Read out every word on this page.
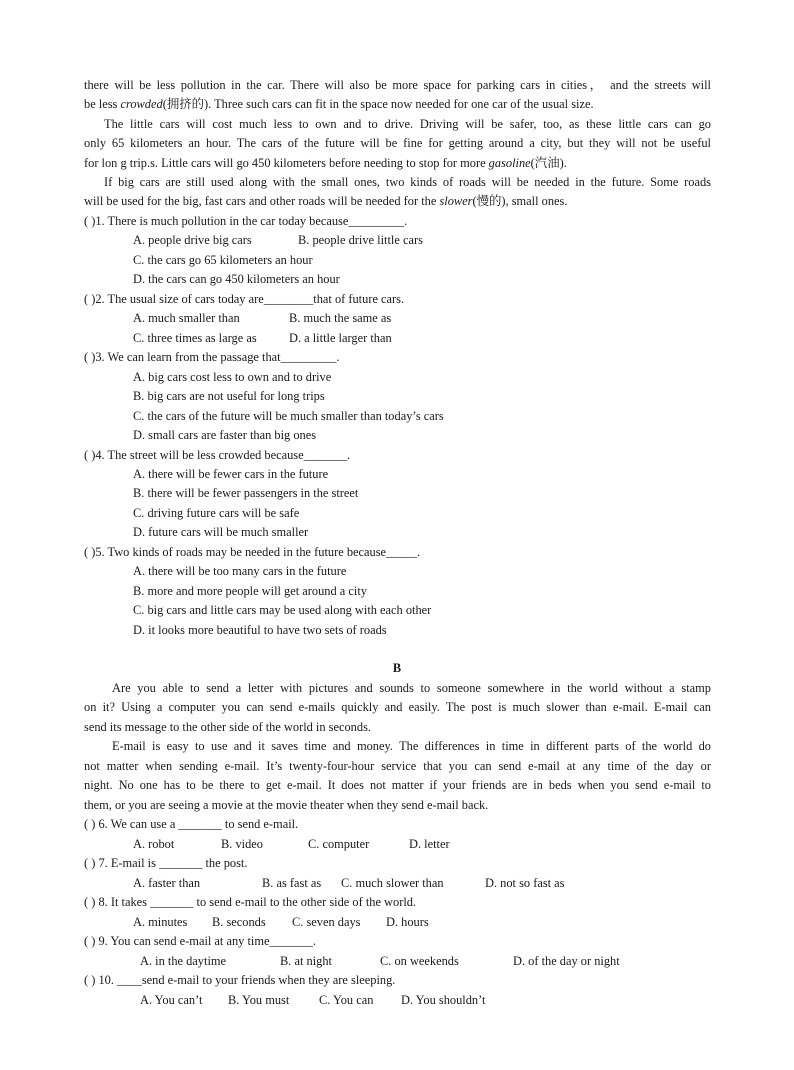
there will be less pollution in the car. There will also be more space for parking cars in cities， and the streets will
be less crowded(拥挤的). Three such cars can fit in the space now needed for one car of the usual size.
The little cars will cost much less to own and to drive. Driving will be safer, too, as these little cars can go
only 65 kilometers an hour. The cars of the future will be fine for getting around a city, but they will not be useful
for lon g trip.s. Little cars will go 450 kilometers before needing to stop for more gasoline(汽油).
If big cars are still used along with the small ones, two kinds of roads will be needed in the future. Some roads
will be used for the big, fast cars and other roads will be needed for the slower(慢的), small ones.
( )1. There is much pollution in the car today because_________.
A. people drive big cars	B. people drive little cars
C. the cars go 65 kilometers an hour
D. the cars can go 450 kilometers an hour
( )2. The usual size of cars today are________that of future cars.
A. much smaller than	B. much the same as
C. three times as large as	D. a little larger than
( )3. We can learn from the passage that_________.
A. big cars cost less to own and to drive
B. big cars are not useful for long trips
C. the cars of the future will be much smaller than today’s cars
D. small cars are faster than big ones
( )4. The street will be less crowded because_______.
A. there will be fewer cars in the future
B. there will be fewer passengers in the street
C. driving future cars will be safe
D. future cars will be much smaller
( )5. Two kinds of roads may be needed in the future because_____.
A. there will be too many cars in the future
B. more and more people will get around a city
C. big cars and little cars may be used along with each other
D. it looks more beautiful to have two sets of roads
B
Are you able to send a letter with pictures and sounds to someone somewhere in the world without a stamp
on it? Using a computer you can send e-mails quickly and easily. The post is much slower than e-mail. E-mail can
send its message to the other side of the world in seconds.
E-mail is easy to use and it saves time and money. The differences in time in different parts of the world do
not matter when sending e-mail. It’s twenty-four-hour service that you can send e-mail at any time of the day or
night. No one has to be there to get e-mail. It does not matter if your friends are in beds when you send e-mail to
them, or you are seeing a movie at the movie theater when they send e-mail back.
( ) 6. We can use a _______ to send e-mail.
A. robot	B. video	C. computer	D. letter
( ) 7. E-mail is _______ the post.
A. faster than	B. as fast as C. much slower than	D. not so fast as
( ) 8. It takes _______ to send e-mail to the other side of the world.
A. minutes B. seconds C. seven days D. hours
( ) 9. You can send e-mail at any time_______.
A. in the daytime	B. at night	C. on weekends	D. of the day or night
( ) 10. ____send e-mail to your friends when they are sleeping.
A. You can’t B. You must C. You can D. You shouldn’t
